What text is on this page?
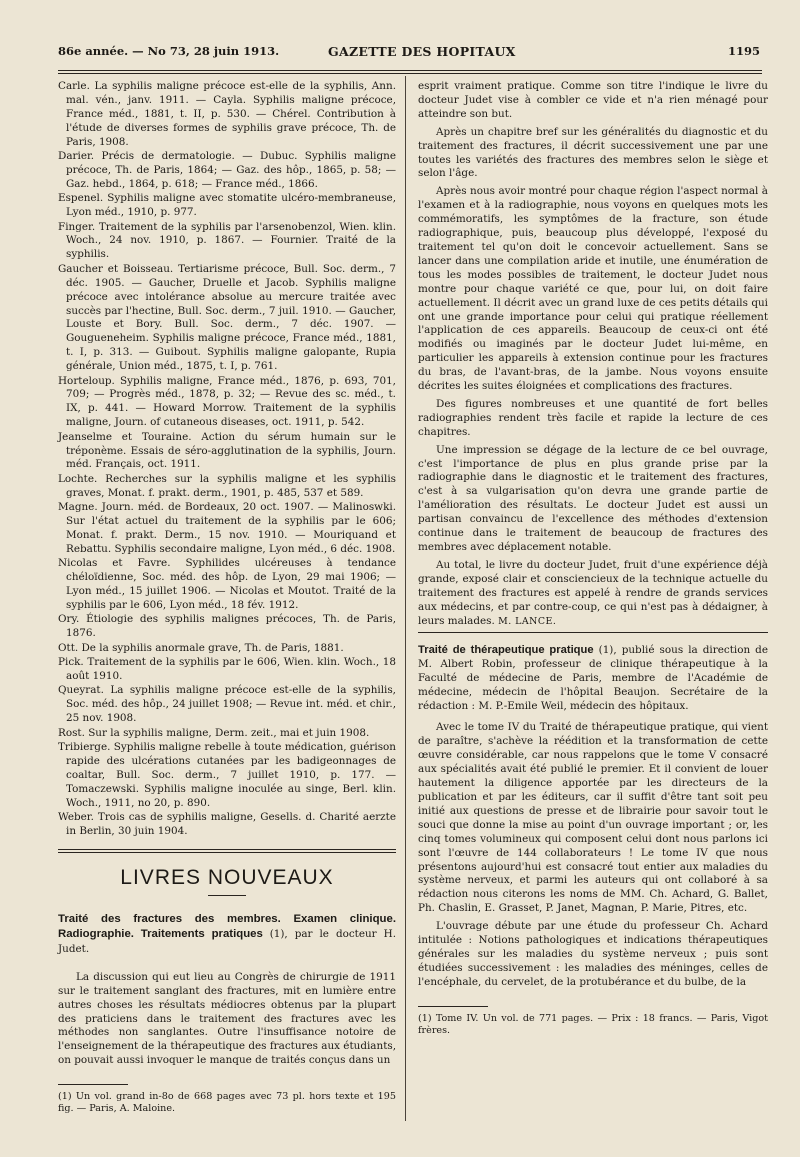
86e année. — No 73, 28 juin 1913.	GAZETTE DES HOPITAUX	1195

Carle. La syphilis maligne précoce est-elle de la syphilis, Ann. mal. vén., janv. 1911. — Cayla. Syphilis maligne précoce, France méd., 1881, t. II, p. 530. — Chérel. Contribution à l'étude de diverses formes de syphilis grave précoce, Th. de Paris, 1908.

Darier. Précis de dermatologie. — Dubuc. Syphilis maligne précoce, Th. de Paris, 1864; — Gaz. des hôp., 1865, p. 58; — Gaz. hebd., 1864, p. 618; — France méd., 1866.

Espenel. Syphilis maligne avec stomatite ulcéro-membraneuse, Lyon méd., 1910, p. 977.

Finger. Traitement de la syphilis par l'arsenobenzol, Wien. klin. Woch., 24 nov. 1910, p. 1867. — Fournier. Traité de la syphilis.

Gaucher et Boisseau. Tertiarisme précoce, Bull. Soc. derm., 7 déc. 1905. — Gaucher, Druelle et Jacob. Syphilis maligne précoce avec intolérance absolue au mercure traitée avec succès par l'hectine, Bull. Soc. derm., 7 juil. 1910. — Gaucher, Louste et Bory. Bull. Soc. derm., 7 déc. 1907. — Gougueneheim. Syphilis maligne précoce, France méd., 1881, t. I, p. 313. — Guibout. Syphilis maligne galopante, Rupia générale, Union méd., 1875, t. I, p. 761.

Horteloup. Syphilis maligne, France méd., 1876, p. 693, 701, 709; — Progrès méd., 1878, p. 32; — Revue des sc. méd., t. IX, p. 441. — Howard Morrow. Traitement de la syphilis maligne, Journ. of cutaneous diseases, oct. 1911, p. 542.

Jeanselme et Touraine. Action du sérum humain sur le tréponème. Essais de séro-agglutination de la syphilis, Journ. méd. Français, oct. 1911.

Lochte. Recherches sur la syphilis maligne et les syphilis graves, Monat. f. prakt. derm., 1901, p. 485, 537 et 589.

Magne. Journ. méd. de Bordeaux, 20 oct. 1907. — Malinoswki. Sur l'état actuel du traitement de la syphilis par le 606; Monat. f. prakt. Derm., 15 nov. 1910. — Mouriquand et Rebattu. Syphilis secondaire maligne, Lyon méd., 6 déc. 1908.

Nicolas et Favre. Syphilides ulcéreuses à tendance chéloïdienne, Soc. méd. des hôp. de Lyon, 29 mai 1906; — Lyon méd., 15 juillet 1906. — Nicolas et Moutot. Traité de la syphilis par le 606, Lyon méd., 18 fév. 1912.

Ory. Étiologie des syphilis malignes précoces, Th. de Paris, 1876.

Ott. De la syphilis anormale grave, Th. de Paris, 1881.

Pick. Traitement de la syphilis par le 606, Wien. klin. Woch., 18 août 1910.

Queyrat. La syphilis maligne précoce est-elle de la syphilis, Soc. méd. des hôp., 24 juillet 1908; — Revue int. méd. et chir., 25 nov. 1908.

Rost. Sur la syphilis maligne, Derm. zeit., mai et juin 1908.

Tribierge. Syphilis maligne rebelle à toute médication, guérison rapide des ulcérations cutanées par les badigeonnages de coaltar, Bull. Soc. derm., 7 juillet 1910, p. 177. — Tomaczewski. Syphilis maligne inoculée au singe, Berl. klin. Woch., 1911, no 20, p. 890.

Weber. Trois cas de syphilis maligne, Gesells. d. Charité aerzte in Berlin, 30 juin 1904.

LIVRES NOUVEAUX

Traité des fractures des membres. Examen clinique. Radiographie. Traitements pratiques (1), par le docteur H. Judet.

La discussion qui eut lieu au Congrès de chirurgie de 1911 sur le traitement sanglant des fractures, mit en lumière entre autres choses les résultats médiocres obtenus par la plupart des praticiens dans le traitement des fractures avec les méthodes non sanglantes. Outre l'insuffisance notoire de l'enseignement de la thérapeutique des fractures aux étudiants, on pouvait aussi invoquer le manque de traités conçus dans un

(1) Un vol. grand in-8o de 668 pages avec 73 pl. hors texte et 195 fig. — Paris, A. Maloine.

esprit vraiment pratique. Comme son titre l'indique le livre du docteur Judet vise à combler ce vide et n'a rien ménagé pour atteindre son but.

Après un chapitre bref sur les généralités du diagnostic et du traitement des fractures, il décrit successivement une par une toutes les variétés des fractures des membres selon le siège et selon l'âge.

Après nous avoir montré pour chaque région l'aspect normal à l'examen et à la radiographie, nous voyons en quelques mots les commémoratifs, les symptômes de la fracture, son étude radiographique, puis, beaucoup plus développé, l'exposé du traitement tel qu'on doit le concevoir actuellement. Sans se lancer dans une compilation aride et inutile, une énumération de tous les modes possibles de traitement, le docteur Judet nous montre pour chaque variété ce que, pour lui, on doit faire actuellement. Il décrit avec un grand luxe de ces petits détails qui ont une grande importance pour celui qui pratique réellement l'application de ces appareils. Beaucoup de ceux-ci ont été modifiés ou imaginés par le docteur Judet lui-même, en particulier les appareils à extension continue pour les fractures du bras, de l'avant-bras, de la jambe. Nous voyons ensuite décrites les suites éloignées et complications des fractures.

Des figures nombreuses et une quantité de fort belles radiographies rendent très facile et rapide la lecture de ces chapitres.

Une impression se dégage de la lecture de ce bel ouvrage, c'est l'importance de plus en plus grande prise par la radiographie dans le diagnostic et le traitement des fractures, c'est à sa vulgarisation qu'on devra une grande partie de l'amélioration des résultats. Le docteur Judet est aussi un partisan convaincu de l'excellence des méthodes d'extension continue dans le traitement de beaucoup de fractures des membres avec déplacement notable.

Au total, le livre du docteur Judet, fruit d'une expérience déjà grande, exposé clair et consciencieux de la technique actuelle du traitement des fractures est appelé à rendre de grands services aux médecins, et par contre-coup, ce qui n'est pas à dédaigner, à leurs malades. M. LANCE.

Traité de thérapeutique pratique (1), publié sous la direction de M. Albert Robin, professeur de clinique thérapeutique à la Faculté de médecine de Paris, membre de l'Académie de médecine, médecin de l'hôpital Beaujon. Secrétaire de la rédaction : M. P.-Emile Weil, médecin des hôpitaux.

Avec le tome IV du Traité de thérapeutique pratique, qui vient de paraître, s'achève la réédition et la transformation de cette œuvre considérable, car nous rappelons que le tome V consacré aux spécialités avait été publié le premier. Et il convient de louer hautement la diligence apportée par les directeurs de la publication et par les éditeurs, car il suffit d'être tant soit peu initié aux questions de presse et de librairie pour savoir tout le souci que donne la mise au point d'un ouvrage important ; or, les cinq tomes volumineux qui composent celui dont nous parlons ici sont l'œuvre de 144 collaborateurs ! Le tome IV que nous présentons aujourd'hui est consacré tout entier aux maladies du système nerveux, et parmi les auteurs qui ont collaboré à sa rédaction nous citerons les noms de MM. Ch. Achard, G. Ballet, Ph. Chaslin, E. Grasset, P. Janet, Magnan, P. Marie, Pitres, etc.

L'ouvrage débute par une étude du professeur Ch. Achard intitulée : Notions pathologiques et indications thérapeutiques générales sur les maladies du système nerveux ; puis sont étudiées successivement : les maladies des méninges, celles de l'encéphale, du cervelet, de la protubérance et du bulbe, de la

(1) Tome IV. Un vol. de 771 pages. — Prix : 18 francs. — Paris, Vigot frères.
